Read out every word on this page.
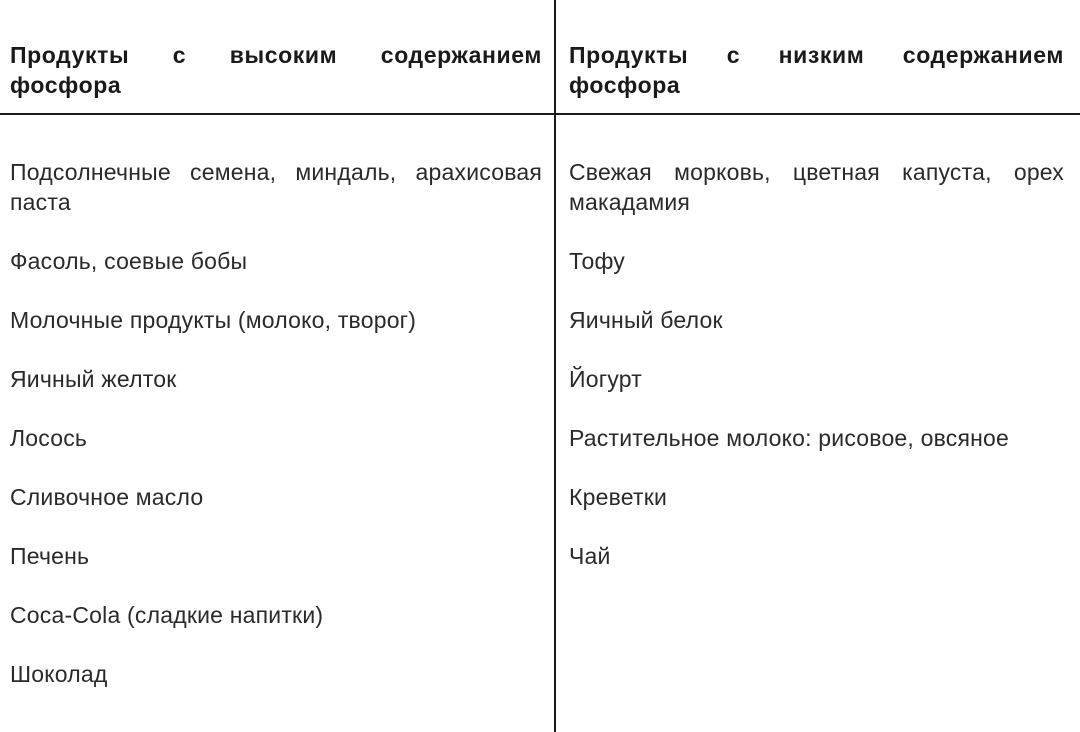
Продукты с высоким содержанием фосфора
Подсолнечные семена, миндаль, арахисовая паста
Фасоль, соевые бобы
Молочные продукты (молоко, творог)
Яичный желток
Лосось
Сливочное масло
Печень
Coca-Cola (сладкие напитки)
Шоколад
Продукты с низким содержанием фосфора
Свежая морковь, цветная капуста, орех макадамия
Тофу
Яичный белок
Йогурт
Растительное молоко: рисовое, овсяное
Креветки
Чай
